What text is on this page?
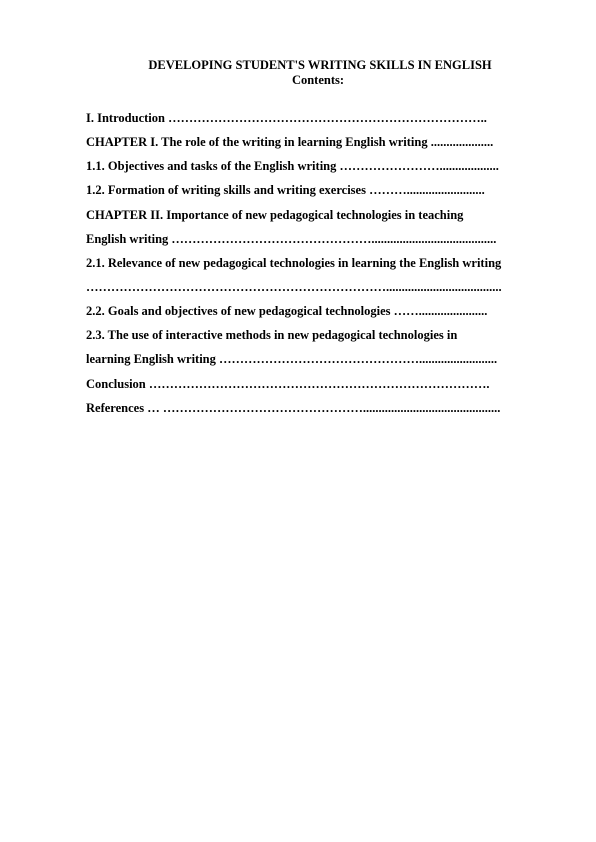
DEVELOPING STUDENT'S WRITING SKILLS IN ENGLISH
Contents:
I. Introduction …………………………………………………………………..
CHAPTER I. The role of the writing in learning English writing ....................
1.1. Objectives and tasks of the English writing ……………………...................
1.2. Formation of writing skills and writing exercises ……….........................
CHAPTER II. Importance of new pedagogical technologies in teaching
English writing …………………………………………........................................
2.1. Relevance of new pedagogical technologies in learning the English writing
……………………………………………………………….....................................
2.2. Goals and objectives of new pedagogical technologies ……......................
2.3. The use of interactive methods in new pedagogical technologies in
learning English writing ………………………………………….........................
Conclusion ……………………………………………………………………….
References … …………………………………………............................................
